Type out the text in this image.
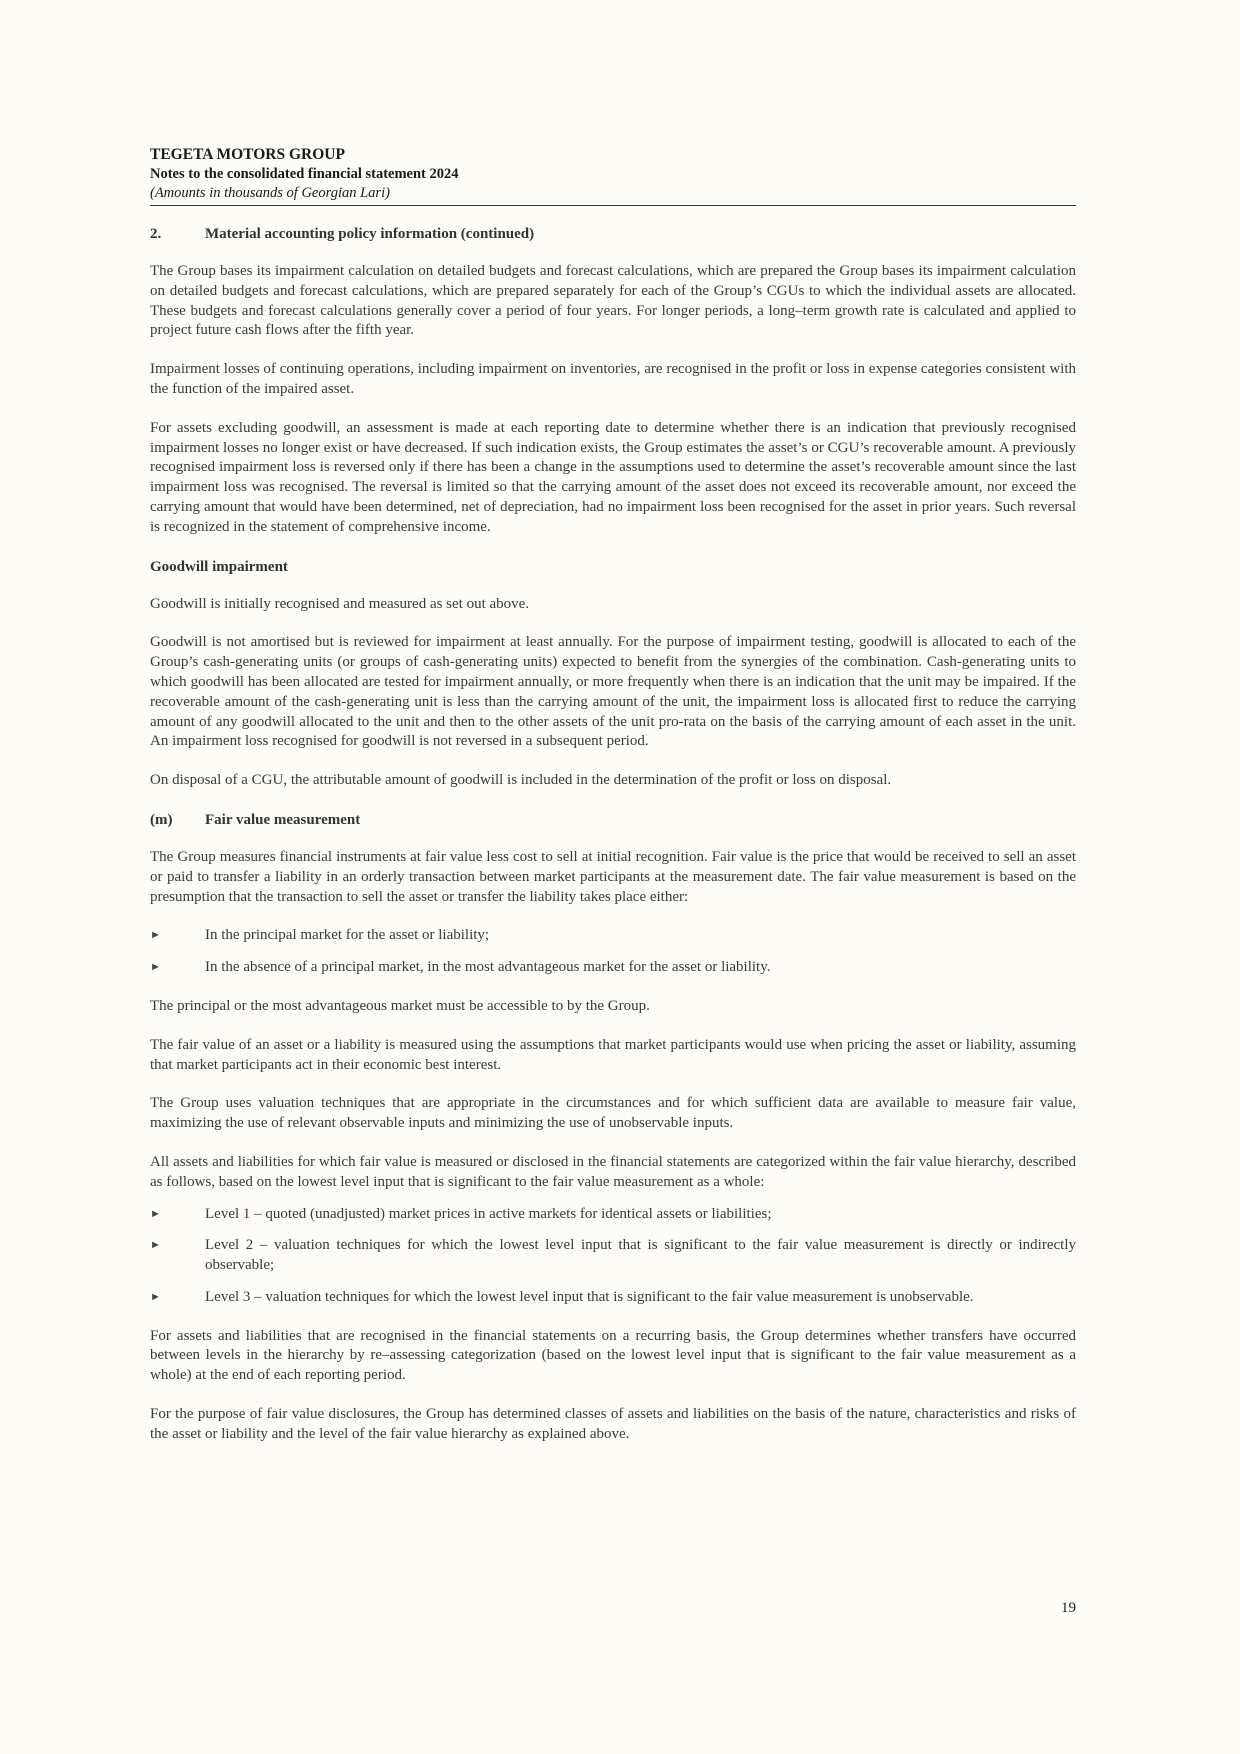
TEGETA MOTORS GROUP
Notes to the consolidated financial statement 2024
(Amounts in thousands of Georgian Lari)
2.	Material accounting policy information (continued)

The Group bases its impairment calculation on detailed budgets and forecast calculations, which are prepared the Group bases its impairment calculation on detailed budgets and forecast calculations, which are prepared separately for each of the Group’s CGUs to which the individual assets are allocated. These budgets and forecast calculations generally cover a period of four years. For longer periods, a long–term growth rate is calculated and applied to project future cash flows after the fifth year.

Impairment losses of continuing operations, including impairment on inventories, are recognised in the profit or loss in expense categories consistent with the function of the impaired asset.

For assets excluding goodwill, an assessment is made at each reporting date to determine whether there is an indication that previously recognised impairment losses no longer exist or have decreased. If such indication exists, the Group estimates the asset’s or CGU’s recoverable amount. A previously recognised impairment loss is reversed only if there has been a change in the assumptions used to determine the asset’s recoverable amount since the last impairment loss was recognised. The reversal is limited so that the carrying amount of the asset does not exceed its recoverable amount, nor exceed the carrying amount that would have been determined, net of depreciation, had no impairment loss been recognised for the asset in prior years. Such reversal is recognized in the statement of comprehensive income.

Goodwill impairment

Goodwill is initially recognised and measured as set out above.

Goodwill is not amortised but is reviewed for impairment at least annually. For the purpose of impairment testing, goodwill is allocated to each of the Group’s cash-generating units (or groups of cash-generating units) expected to benefit from the synergies of the combination. Cash-generating units to which goodwill has been allocated are tested for impairment annually, or more frequently when there is an indication that the unit may be impaired. If the recoverable amount of the cash-generating unit is less than the carrying amount of the unit, the impairment loss is allocated first to reduce the carrying amount of any goodwill allocated to the unit and then to the other assets of the unit pro-rata on the basis of the carrying amount of each asset in the unit. An impairment loss recognised for goodwill is not reversed in a subsequent period.

On disposal of a CGU, the attributable amount of goodwill is included in the determination of the profit or loss on disposal.

(m)	Fair value measurement

The Group measures financial instruments at fair value less cost to sell at initial recognition. Fair value is the price that would be received to sell an asset or paid to transfer a liability in an orderly transaction between market participants at the measurement date. The fair value measurement is based on the presumption that the transaction to sell the asset or transfer the liability takes place either:

►	In the principal market for the asset or liability;
►	In the absence of a principal market, in the most advantageous market for the asset or liability.

The principal or the most advantageous market must be accessible to by the Group.

The fair value of an asset or a liability is measured using the assumptions that market participants would use when pricing the asset or liability, assuming that market participants act in their economic best interest.

The Group uses valuation techniques that are appropriate in the circumstances and for which sufficient data are available to measure fair value, maximizing the use of relevant observable inputs and minimizing the use of unobservable inputs.

All assets and liabilities for which fair value is measured or disclosed in the financial statements are categorized within the fair value hierarchy, described as follows, based on the lowest level input that is significant to the fair value measurement as a whole:

►	Level 1 – quoted (unadjusted) market prices in active markets for identical assets or liabilities;
►	Level 2 – valuation techniques for which the lowest level input that is significant to the fair value measurement is directly or indirectly observable;
►	Level 3 – valuation techniques for which the lowest level input that is significant to the fair value measurement is unobservable.

For assets and liabilities that are recognised in the financial statements on a recurring basis, the Group determines whether transfers have occurred between levels in the hierarchy by re–assessing categorization (based on the lowest level input that is significant to the fair value measurement as a whole) at the end of each reporting period.

For the purpose of fair value disclosures, the Group has determined classes of assets and liabilities on the basis of the nature, characteristics and risks of the asset or liability and the level of the fair value hierarchy as explained above.

19
